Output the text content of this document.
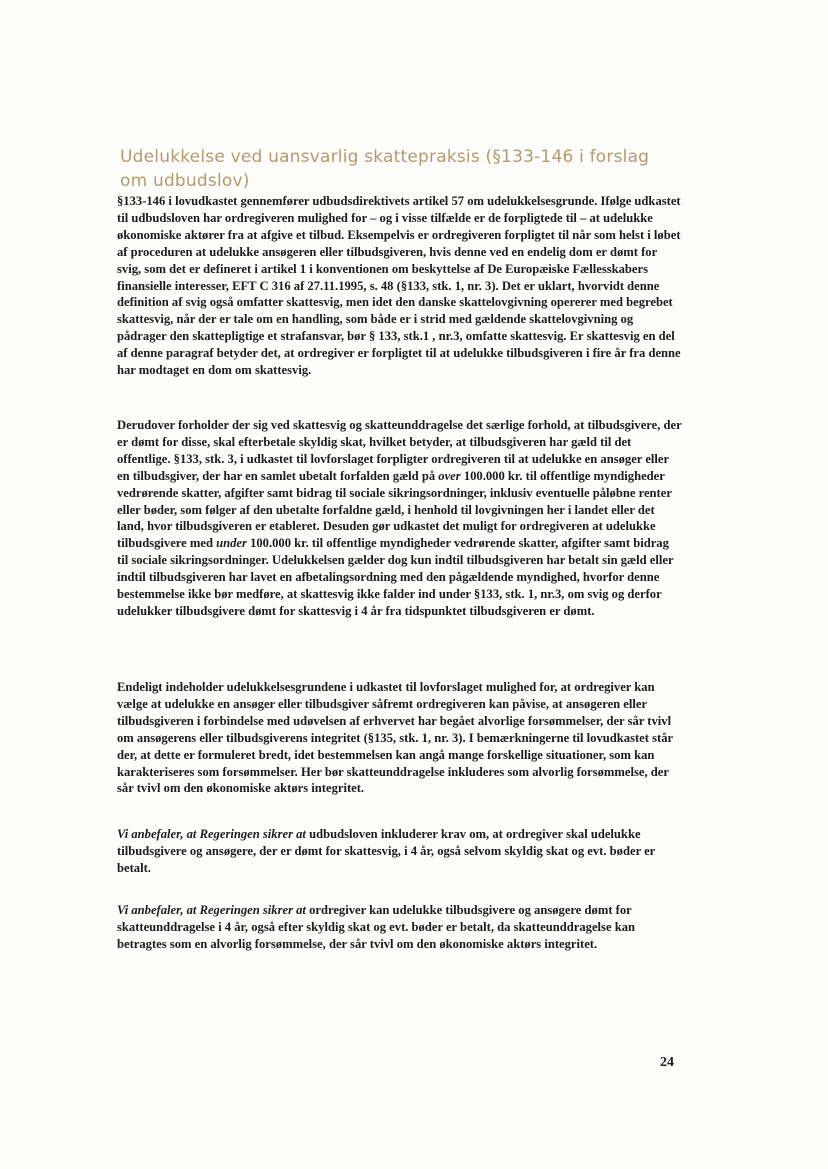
Udelukkelse ved uansvarlig skattepraksis (§133-146 i forslag om udbudslov)

§133-146 i lovudkastet gennemfører udbudsdirektivets artikel 57 om udelukkelsesgrunde. Ifølge udkastet til udbudsloven har ordregiveren mulighed for – og i visse tilfælde er de forpligtede til – at udelukke økonomiske aktører fra at afgive et tilbud. Eksempelvis er ordregiveren forpligtet til når som helst i løbet af proceduren at udelukke ansøgeren eller tilbudsgiveren, hvis denne ved en endelig dom er dømt for svig, som det er defineret i artikel 1 i konventionen om beskyttelse af De Europæiske Fællesskabers finansielle interesser, EFT C 316 af 27.11.1995, s. 48 (§133, stk. 1, nr. 3). Det er uklart, hvorvidt denne definition af svig også omfatter skattesvig, men idet den danske skattelovgivning opererer med begrebet skattesvig, når der er tale om en handling, som både er i strid med gældende skattelovgivning og pådrager den skattepligtige et strafansvar, bør § 133, stk.1 , nr.3, omfatte skattesvig. Er skattesvig en del af denne paragraf betyder det, at ordregiver er forpligtet til at udelukke tilbudsgiveren i fire år fra denne har modtaget en dom om skattesvig.

Derudover forholder der sig ved skattesvig og skatteunddragelse det særlige forhold, at tilbudsgivere, der er dømt for disse, skal efterbetale skyldig skat, hvilket betyder, at tilbudsgiveren har gæld til det offentlige. §133, stk. 3, i udkastet til lovforslaget forpligter ordregiveren til at udelukke en ansøger eller en tilbudsgiver, der har en samlet ubetalt forfalden gæld på over 100.000 kr. til offentlige myndigheder vedrørende skatter, afgifter samt bidrag til sociale sikringsordninger, inklusiv eventuelle påløbne renter eller bøder, som følger af den ubetalte forfaldne gæld, i henhold til lovgivningen her i landet eller det land, hvor tilbudsgiveren er etableret. Desuden gør udkastet det muligt for ordregiveren at udelukke tilbudsgivere med under 100.000 kr. til offentlige myndigheder vedrørende skatter, afgifter samt bidrag til sociale sikringsordninger. Udelukkelsen gælder dog kun indtil tilbudsgiveren har betalt sin gæld eller indtil tilbudsgiveren har lavet en afbetalingsordning med den pågældende myndighed, hvorfor denne bestemmelse ikke bør medføre, at skattesvig ikke falder ind under §133, stk. 1, nr.3, om svig og derfor udelukker tilbudsgivere dømt for skattesvig i 4 år fra tidspunktet tilbudsgiveren er dømt.

Endeligt indeholder udelukkelsesgrundene i udkastet til lovforslaget mulighed for, at ordregiver kan vælge at udelukke en ansøger eller tilbudsgiver såfremt ordregiveren kan påvise, at ansøgeren eller tilbudsgiveren i forbindelse med udøvelsen af erhvervet har begået alvorlige forsømmelser, der sår tvivl om ansøgerens eller tilbudsgiverens integritet (§135, stk. 1, nr. 3). I bemærkningerne til lovudkastet står der, at dette er formuleret bredt, idet bestemmelsen kan angå mange forskellige situationer, som kan karakteriseres som forsømmelser. Her bør skatteunddragelse inkluderes som alvorlig forsømmelse, der sår tvivl om den økonomiske aktørs integritet.

Vi anbefaler, at Regeringen sikrer at udbudsloven inkluderer krav om, at ordregiver skal udelukke tilbudsgivere og ansøgere, der er dømt for skattesvig, i 4 år, også selvom skyldig skat og evt. bøder er betalt.

Vi anbefaler, at Regeringen sikrer at ordregiver kan udelukke tilbudsgivere og ansøgere dømt for skatteunddragelse i 4 år, også efter skyldig skat og evt. bøder er betalt, da skatteunddragelse kan betragtes som en alvorlig forsømmelse, der sår tvivl om den økonomiske aktørs integritet.

24
